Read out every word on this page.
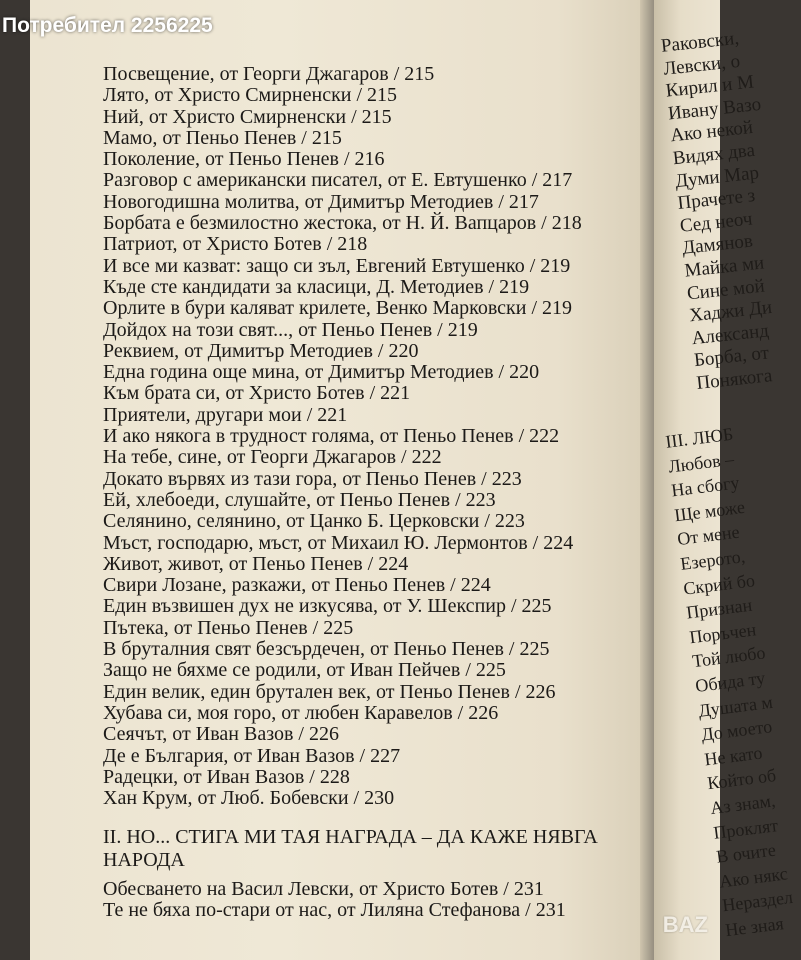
Посвещение, от Георги Джагаров / 215
Лято, от Христо Смирненски / 215
Ний, от Христо Смирненски / 215
Мамо, от Пеньо Пенев / 215
Поколение, от Пеньо Пенев / 216
Разговор с американски писател, от Е. Евтушенко / 217
Новогодишна молитва, от Димитър Методиев / 217
Борбата е безмилостно жестока, от Н. Й. Вапцаров / 218
Патриот, от Христо Ботев / 218
И все ми казват: защо си зъл, Евгений Евтушенко / 219
Къде сте кандидати за класици, Д. Методиев / 219
Орлите в бури каляват крилете, Венко Марковски / 219
Дойдох на този свят..., от Пеньо Пенев / 219
Реквием, от Димитър Методиев / 220
Една година още мина, от Димитър Методиев / 220
Към брата си, от Христо Ботев / 221
Приятели, другари мои / 221
И ако някога в трудност голяма, от Пеньо Пенев / 222
На тебе, сине, от Георги Джагаров / 222
Докато вървях из тази гора, от Пеньо Пенев / 223
Ей, хлебоеди, слушайте, от Пеньо Пенев / 223
Селянино, селянино, от Цанко Б. Церковски / 223
Мъст, господарю, мъст, от Михаил Ю. Лермонтов / 224
Живот, живот, от Пеньо Пенев / 224
Свири Лозане, разкажи, от Пеньо Пенев / 224
Един възвишен дух не изкусява, от У. Шекспир / 225
Пътека, от Пеньо Пенев / 225
В бруталния свят безсърдечен, от Пеньо Пенев / 225
Защо не бяхме се родили, от Иван Пейчев / 225
Един велик, един брутален век, от Пеньо Пенев / 226
Хубава си, моя горо, от любен Каравелов / 226
Сеячът, от Иван Вазов / 226
Де е България, от Иван Вазов / 227
Радецки, от Иван Вазов / 228
Хан Крум, от Люб. Бобевски / 230
II. НО... СТИГА МИ ТАЯ НАГРАДА – ДА КАЖЕ НЯВГА
НАРОДА
Обесването на Васил Левски, от Христо Ботев / 231
Те не бяха по-стари от нас, от Лиляна Стефанова / 231
Раковски,
Левски, о
Кирил и М
Ивану Вазо
Ако некой
Видях два
Думи Мар
Прачете з
Сед неоч
Дамянов
Майка ми
Сине мой
Хаджи Ди
Александ
Борба, от
Понякога
III. ЛЮБ
Любов –
На сбогу
Ще може
От мене
Езерото,
Скрий бо
Признан
Поръчен
Той любо
Обида ту
Душата м
До моето
Не като
Който об
Аз знам,
Проклят
В очите
Ако някс
Нераздел
Не зная
Потребител 2256225
BAZ
